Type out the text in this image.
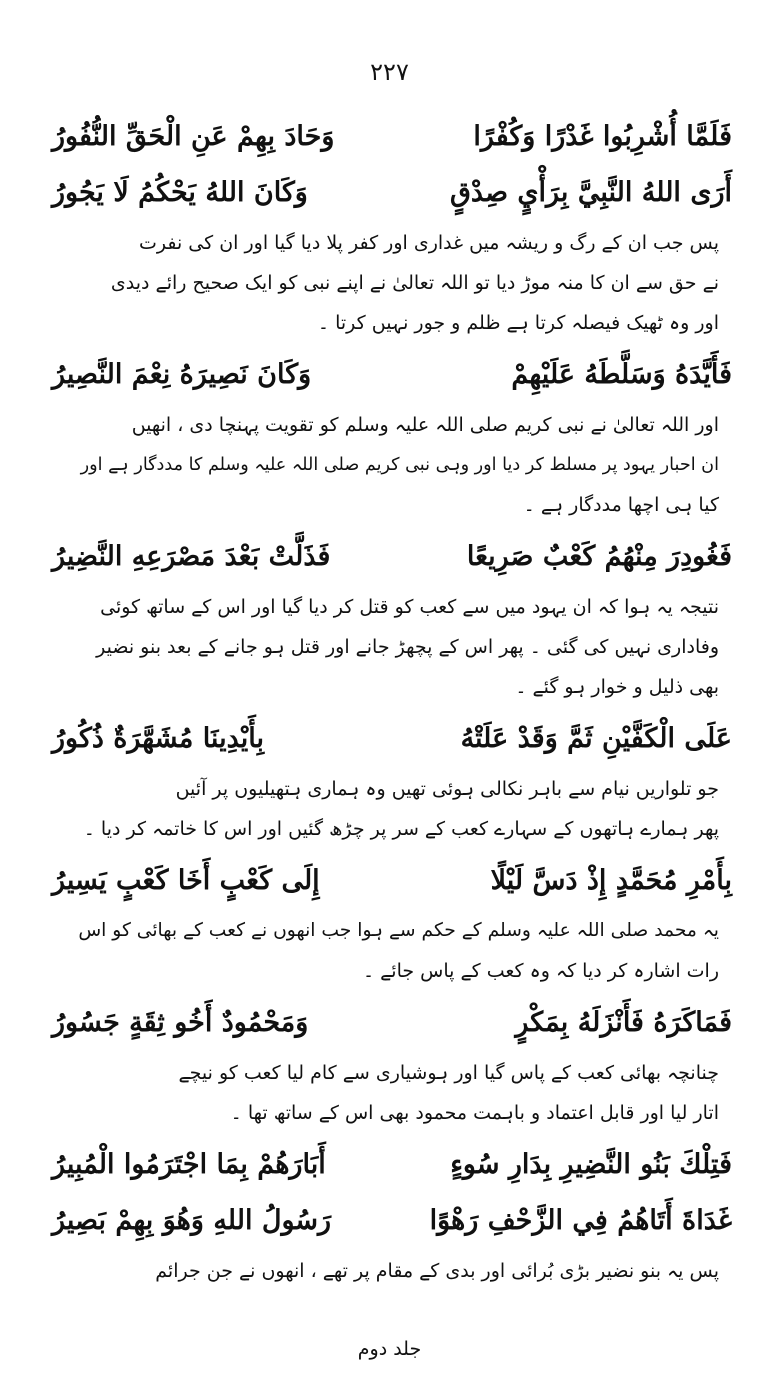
۲۲۷
وَحَادَ بِهِمْ عَنِ الْحَقِّ النُّفُورُ	فَلَمَّا أُشْرِبُوا غَدْرًا وَكُفْرًا
وَكَانَ اللهُ يَحْكُمُ لَا يَجُورُ	أَرَى اللهُ النَّبِيَّ بِرَأْيٍ صِدْقٍ
پس جب ان کے رگ و ریشہ میں غداری اور کفر پلا دیا گیا اور ان کی نفرت
نے حق سے ان کا منہ موڑ دیا تو اللہ تعالیٰ نے اپنے نبی کو ایک صحیح رائے دیدی
اور وہ ٹھیک فیصلہ کرتا ہے ظلم و جور نہیں کرتا ۔
وَكَانَ نَصِيرَهُ نِعْمَ النَّصِيرُ	فَأَيَّدَهُ وَسَلَّطَهُ عَلَيْهِمْ
اور اللہ تعالیٰ نے نبی کریم صلی اللہ علیہ وسلم کو تقویت پہنچا دی ، انھیں
ان احبار یہود پر مسلط کر دیا اور وہی نبی کریم صلی اللہ علیہ وسلم کا مددگار ہے اور
کیا ہی اچھا مددگار ہے ۔
فَذَلَّتْ بَعْدَ مَصْرَعِهِ النَّضِيرُ	فَغُودِرَ مِنْهُمُ كَعْبٌ صَرِيعًا
نتیجہ یہ ہوا کہ ان یہود میں سے کعب کو قتل کر دیا گیا اور اس کے ساتھ کوئی
وفاداری نہیں کی گئی ۔ پھر اس کے پچھڑ جانے اور قتل ہو جانے کے بعد بنو نضیر
بھی ذلیل و خوار ہو گئے ۔
بِأَيْدِينَا مُشَهَّرَةٌ ذُكُورُ	عَلَى الْكَفَّيْنِ ثَمَّ وَقَدْ عَلَتْهُ
جو تلواریں نیام سے باہر نکالی ہوئی تھیں وہ ہماری ہتھیلیوں پر آئیں
پھر ہمارے ہاتھوں کے سہارے کعب کے سر پر چڑھ گئیں اور اس کا خاتمہ کر دیا ۔
إِلَى كَعْبٍ أَخَا كَعْبٍ يَسِيرُ	بِأَمْرِ مُحَمَّدٍ إِذْ دَسَّ لَيْلًا
یہ محمد صلی اللہ علیہ وسلم کے حکم سے ہوا جب انھوں نے کعب کے بھائی کو اس
رات اشارہ کر دیا کہ وہ کعب کے پاس جائے ۔
وَمَحْمُودٌ أَخُو ثِقَةٍ جَسُورُ	فَمَاكَرَهُ فَأَنْزَلَهُ بِمَكْرٍ
چنانچہ بھائی کعب کے پاس گیا اور ہوشیاری سے کام لیا کعب کو نیچے
اتار لیا اور قابل اعتماد و باہمت محمود بھی اس کے ساتھ تھا ۔
أَبَارَهُمْ بِمَا اجْتَرَمُوا الْمُبِيرُ	فَتِلْكَ بَنُو النَّضِيرِ بِدَارِ سُوءٍ
رَسُولُ اللهِ وَهُوَ بِهِمْ بَصِيرُ	غَدَاةَ أَتَاهُمُ فِي الزَّحْفِ رَهْوًا
پس یہ بنو نضیر بڑی بُرائی اور بدی کے مقام پر تھے ، انھوں نے جن جرائم
جلد دوم
